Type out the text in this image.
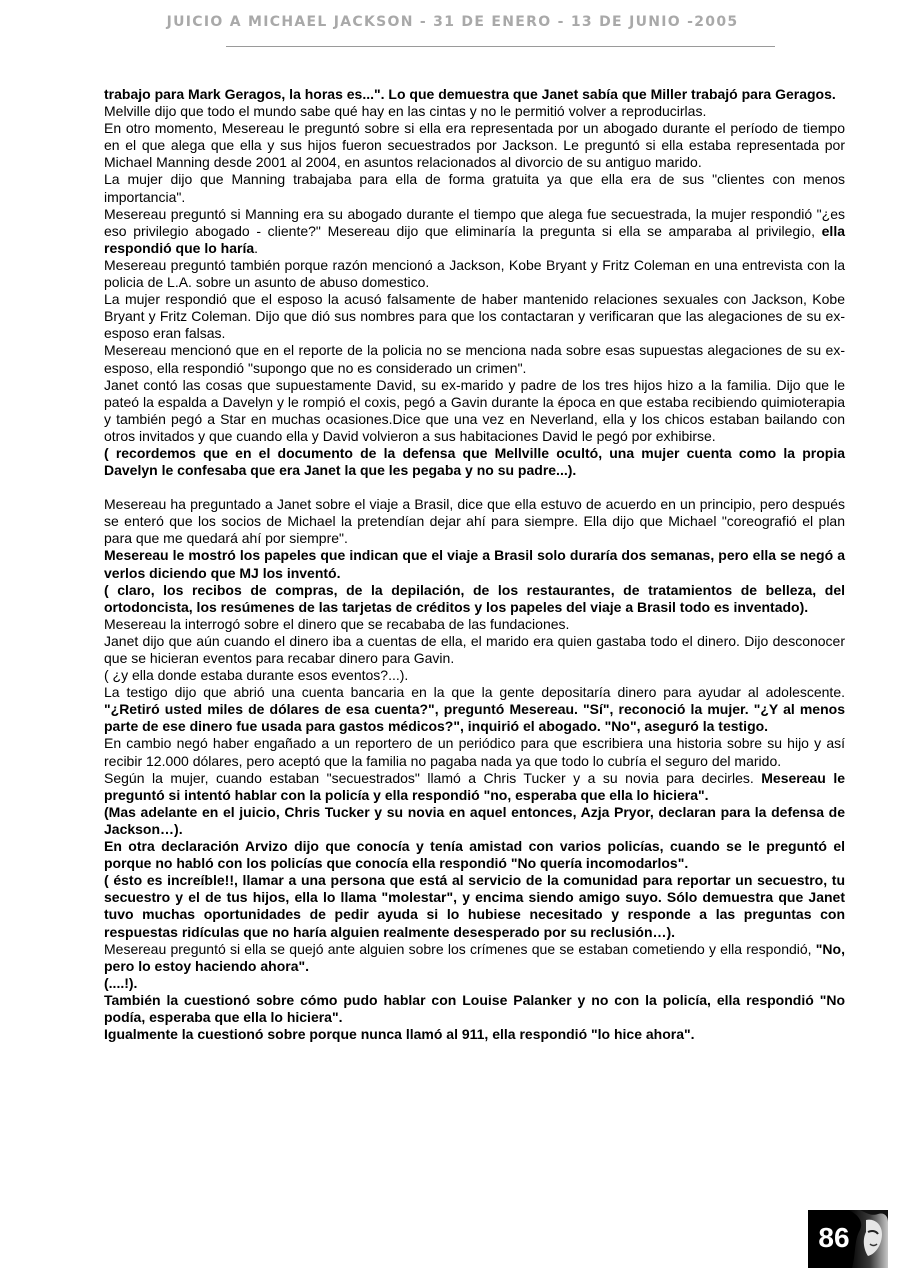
JUICIO A MICHAEL JACKSON - 31 DE ENERO - 13 DE JUNIO -2005

trabajo para Mark Geragos, la horas es...". Lo que demuestra que Janet sabía que Miller trabajó para Geragos.

Melville dijo que todo el mundo sabe qué hay en las cintas y no le permitió volver a reproducirlas.

En otro momento, Mesereau le preguntó sobre si ella era representada por un abogado durante el período de tiempo en el que alega que ella y sus hijos fueron secuestrados por Jackson. Le preguntó si ella estaba representada por Michael Manning desde 2001 al 2004, en asuntos relacionados al divorcio de su antiguo marido.

La mujer dijo que Manning trabajaba para ella de forma gratuita ya que ella era de sus "clientes con menos importancia".

Mesereau preguntó si Manning era su abogado durante el tiempo que alega fue secuestrada, la mujer respondió "¿es eso privilegio abogado - cliente?" Mesereau dijo que eliminaría la pregunta si ella se amparaba al privilegio, ella respondió que lo haría.

Mesereau preguntó también porque razón mencionó a Jackson, Kobe Bryant y Fritz Coleman en una entrevista con la policia de L.A. sobre un asunto de abuso domestico.

La mujer respondió que el esposo la acusó falsamente de haber mantenido relaciones sexuales con Jackson, Kobe Bryant y Fritz Coleman. Dijo que dió sus nombres para que los contactaran y verificaran que las alegaciones de su ex-esposo eran falsas.

Mesereau mencionó que en el reporte de la policia no se menciona nada sobre esas supuestas alegaciones de su ex-esposo, ella respondió "supongo que no es considerado un crimen".

Janet contó las cosas que supuestamente David, su ex-marido y padre de los tres hijos hizo a la familia. Dijo que le pateó la espalda a Davelyn y le rompió el coxis, pegó a Gavin durante la época en que estaba recibiendo quimioterapia y también pegó a Star en muchas ocasiones.Dice que una vez en Neverland, ella y los chicos estaban bailando con otros invitados y que cuando ella y David volvieron a sus habitaciones David le pegó por exhibirse.

( recordemos que en el documento de la defensa que Mellville ocultó, una mujer cuenta como la propia Davelyn le confesaba que era Janet la que les pegaba y no su padre...).

Mesereau ha preguntado a Janet sobre el viaje a Brasil, dice que ella estuvo de acuerdo en un principio, pero después se enteró que los socios de Michael la pretendían dejar ahí para siempre. Ella dijo que Michael "coreografió el plan para que me quedará ahí por siempre".

Mesereau le mostró los papeles que indican que el viaje a Brasil solo duraría dos semanas, pero ella se negó a verlos diciendo que MJ los inventó.

( claro, los recibos de compras, de la depilación, de los restaurantes, de tratamientos de belleza, del ortodoncista, los resúmenes de las tarjetas de créditos y los papeles del viaje a Brasil todo es inventado).

Mesereau la interrogó sobre el dinero que se recababa de las fundaciones.

Janet dijo que aún cuando el dinero iba a cuentas de ella, el marido era quien gastaba todo el dinero. Dijo desconocer que se hicieran eventos para recabar dinero para Gavin.

( ¿y ella donde estaba durante esos eventos?...).

La testigo dijo que abrió una cuenta bancaria en la que la gente depositaría dinero para ayudar al adolescente. "¿Retiró usted miles de dólares de esa cuenta?", preguntó Mesereau. "Sí", reconoció la mujer. "¿Y al menos parte de ese dinero fue usada para gastos médicos?", inquirió el abogado. "No", aseguró la testigo.

En cambio negó haber engañado a un reportero de un periódico para que escribiera una historia sobre su hijo y así recibir 12.000 dólares, pero aceptó que la familia no pagaba nada ya que todo lo cubría el seguro del marido.

Según la mujer, cuando estaban "secuestrados" llamó a Chris Tucker y a su novia para decirles. Mesereau le preguntó si intentó hablar con la policía y ella respondió "no, esperaba que ella lo hiciera".

(Mas adelante en el juicio, Chris Tucker y su novia en aquel entonces, Azja Pryor, declaran para la defensa de Jackson…).

En otra declaración Arvizo dijo que conocía y tenía amistad con varios policías, cuando se le preguntó el porque no habló con los policías que conocía ella respondió "No quería incomodarlos".

( ésto es increíble!!, llamar a una persona que está al servicio de la comunidad para reportar un secuestro, tu secuestro y el de tus hijos, ella lo llama "molestar", y encima siendo amigo suyo. Sólo demuestra que Janet tuvo muchas oportunidades de pedir ayuda si lo hubiese necesitado y responde a las preguntas con respuestas ridículas que no haría alguien realmente desesperado por su reclusión…).

Mesereau preguntó si ella se quejó ante alguien sobre los crímenes que se estaban cometiendo y ella respondió, "No, pero lo estoy haciendo ahora".

(....!).

También la cuestionó sobre cómo pudo hablar con Louise Palanker y no con la policía, ella respondió "No podía, esperaba que ella lo hiciera".

Igualmente la cuestionó sobre porque nunca llamó al 911, ella respondió "lo hice ahora".

86
